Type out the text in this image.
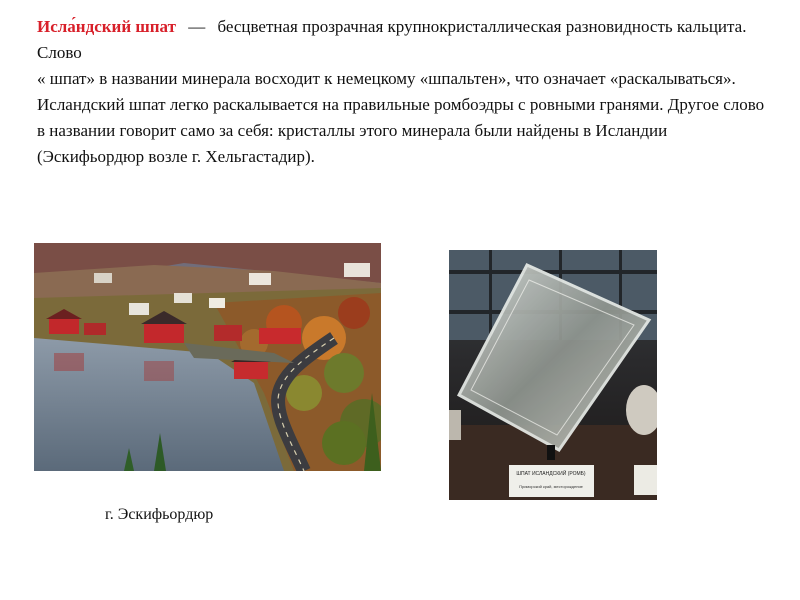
Исла́ндский шпат — бесцветная прозрачная крупнокристаллическая разновидность кальцита. Слово
« шпат» в названии минерала восходит к немецкому «шпальтен», что означает «раскалываться». Исландский шпат легко раскалывается на правильные ромбоэдры с ровными гранями. Другое слово в названии говорит само за себя: кристаллы этого минерала были найдены в Исландии (Эскифьордюр возле г. Хельгастадир).
ШПАТ ИСЛАНДСКИЙ (РОМБ)
Приморский край, месторождение
г. Эскифьордюр
